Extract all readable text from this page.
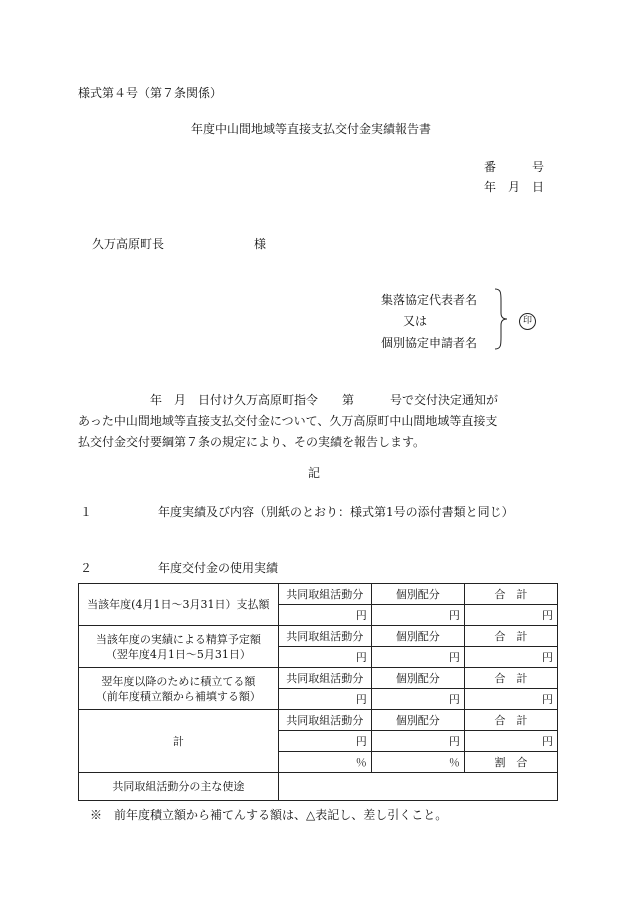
様式第４号（第７条関係）
年度中山間地域等直接支払交付金実績報告書
番　　　号
年　月　日
久万高原町長	様
集落協定代表者名
又は
個別協定申請者名
印
　　　　　　年　月　日付け久万高原町指令　　第　　　号で交付決定通知が
あった中山間地域等直接支払交付金について、久万高原町中山間地域等直接支
払交付金交付要綱第７条の規定により、その実績を報告します。
記
１	年度実績及び内容（別紙のとおり：様式第1号の添付書類と同じ）
２	年度交付金の使用実績
当該年度(4月1日～3月31日）支払額	共同取組活動分	個別配分	合　計
	円	円	円
当該年度の実績による精算予定額
（翌年度4月1日～5月31日）	共同取組活動分	個別配分	合　計
	円	円	円
翌年度以降のために積立てる額
（前年度積立額から補填する額）	共同取組活動分	個別配分	合　計
	円	円	円
計	共同取組活動分	個別配分	合　計
	円	円	円
	％	％	割　合
共同取組活動分の主な使途			
※　前年度積立額から補てんする額は、△表記し、差し引くこと。
